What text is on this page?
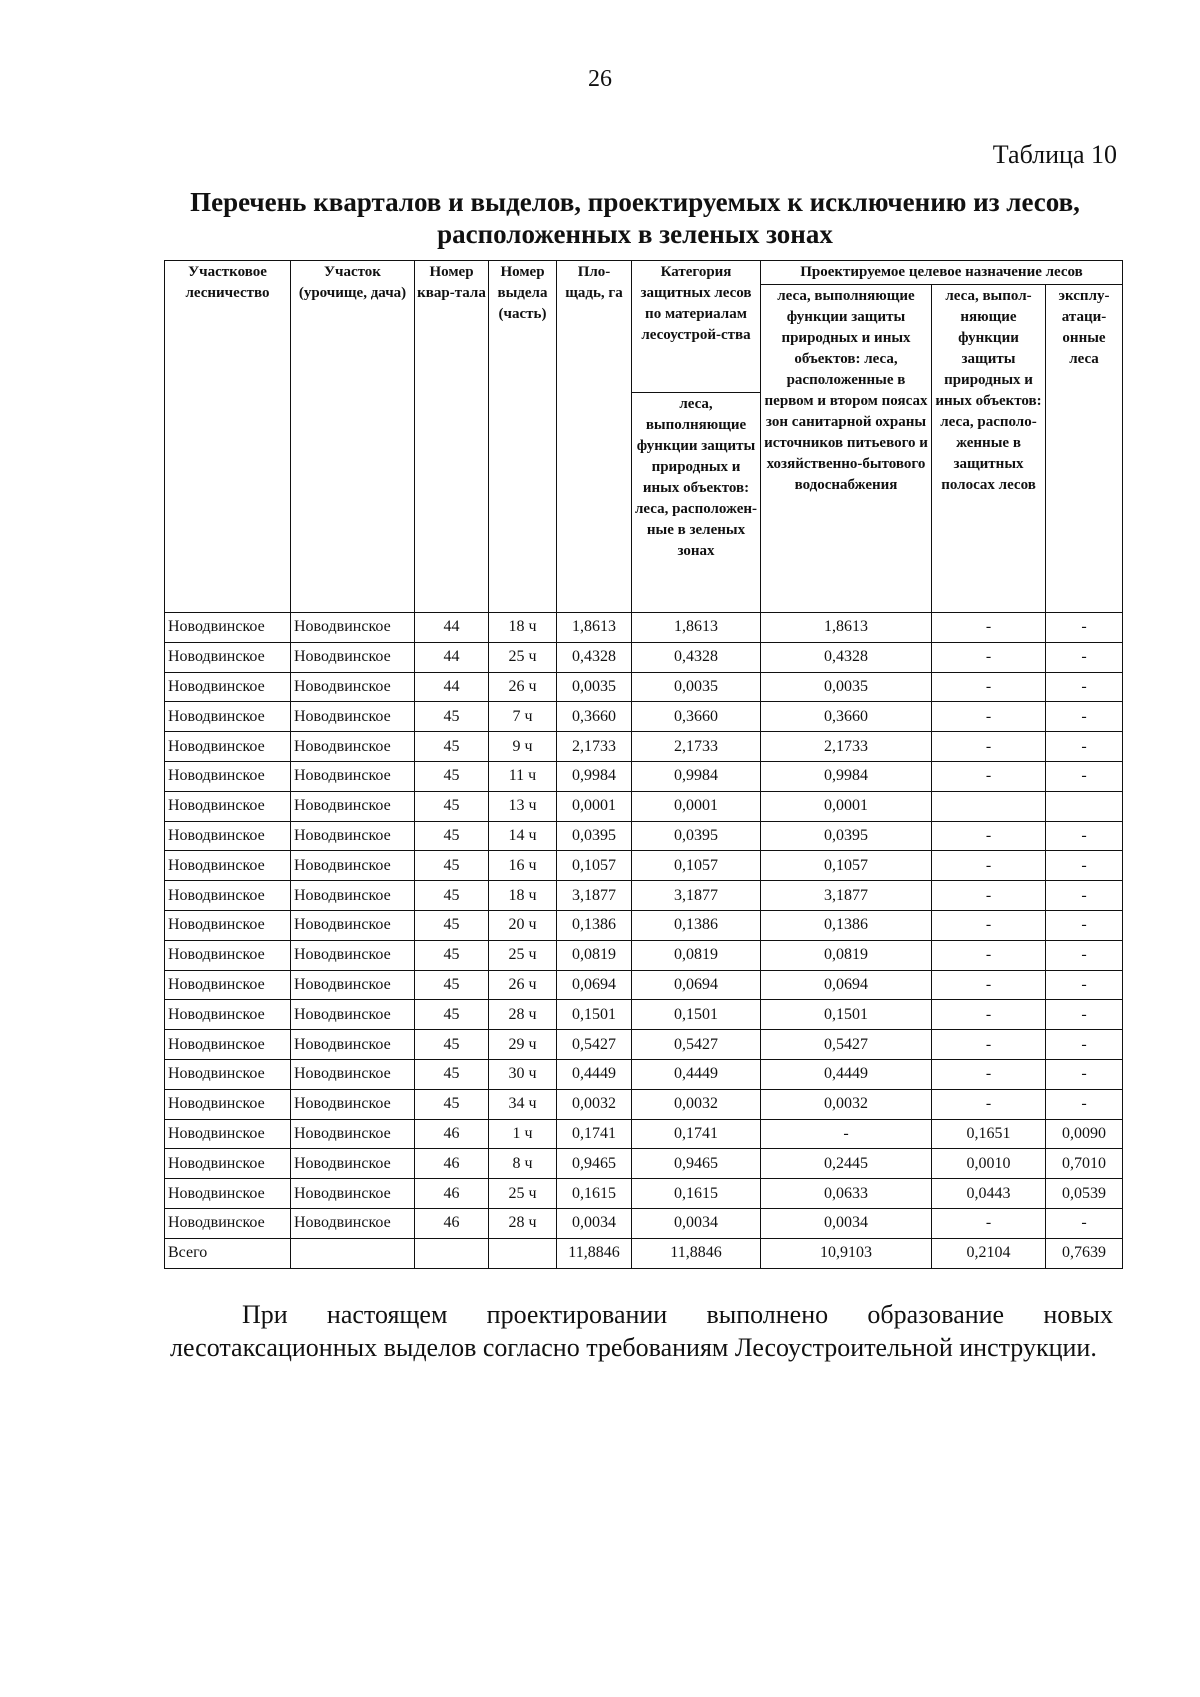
26
Таблица 10
Перечень кварталов и выделов, проектируемых к исключению из лесов, расположенных в зеленых зонах
Участковое лесничество	Участок (урочище, дача)	Номер квар-тала	Номер выдела (часть)	Пло-щадь, га	Категория защитных лесов по материалам лесоустрой-ства	Проектируемое целевое назначение лесов		
						леса, выполняющие функции защиты природных и иных объектов: леса, расположенные в первом и втором поясах зон санитарной охраны источников питьевого и хозяйственно-бытового водоснабжения	леса, выпол-няющие функции защиты природных и иных объектов: леса, располо-женные в защитных полосах лесов	эксплу-атаци-онные леса
					леса, выполняющие функции защиты природных и иных объектов: леса, расположен-ные в зеленых зонах			
Новодвинское	Новодвинское	44	18 ч	1,8613	1,8613	1,8613	-	-
Новодвинское	Новодвинское	44	25 ч	0,4328	0,4328	0,4328	-	-
Новодвинское	Новодвинское	44	26 ч	0,0035	0,0035	0,0035	-	-
Новодвинское	Новодвинское	45	7 ч	0,3660	0,3660	0,3660	-	-
Новодвинское	Новодвинское	45	9 ч	2,1733	2,1733	2,1733	-	-
Новодвинское	Новодвинское	45	11 ч	0,9984	0,9984	0,9984	-	-
Новодвинское	Новодвинское	45	13 ч	0,0001	0,0001	0,0001		
Новодвинское	Новодвинское	45	14 ч	0,0395	0,0395	0,0395	-	-
Новодвинское	Новодвинское	45	16 ч	0,1057	0,1057	0,1057	-	-
Новодвинское	Новодвинское	45	18 ч	3,1877	3,1877	3,1877	-	-
Новодвинское	Новодвинское	45	20 ч	0,1386	0,1386	0,1386	-	-
Новодвинское	Новодвинское	45	25 ч	0,0819	0,0819	0,0819	-	-
Новодвинское	Новодвинское	45	26 ч	0,0694	0,0694	0,0694	-	-
Новодвинское	Новодвинское	45	28 ч	0,1501	0,1501	0,1501	-	-
Новодвинское	Новодвинское	45	29 ч	0,5427	0,5427	0,5427	-	-
Новодвинское	Новодвинское	45	30 ч	0,4449	0,4449	0,4449	-	-
Новодвинское	Новодвинское	45	34 ч	0,0032	0,0032	0,0032	-	-
Новодвинское	Новодвинское	46	1 ч	0,1741	0,1741	-	0,1651	0,0090
Новодвинское	Новодвинское	46	8 ч	0,9465	0,9465	0,2445	0,0010	0,7010
Новодвинское	Новодвинское	46	25 ч	0,1615	0,1615	0,0633	0,0443	0,0539
Новодвинское	Новодвинское	46	28 ч	0,0034	0,0034	0,0034	-	-
Всего				11,8846	11,8846	10,9103	0,2104	0,7639
При настоящем проектировании выполнено образование новых лесотаксационных выделов согласно требованиям Лесоустроительной инструкции.
